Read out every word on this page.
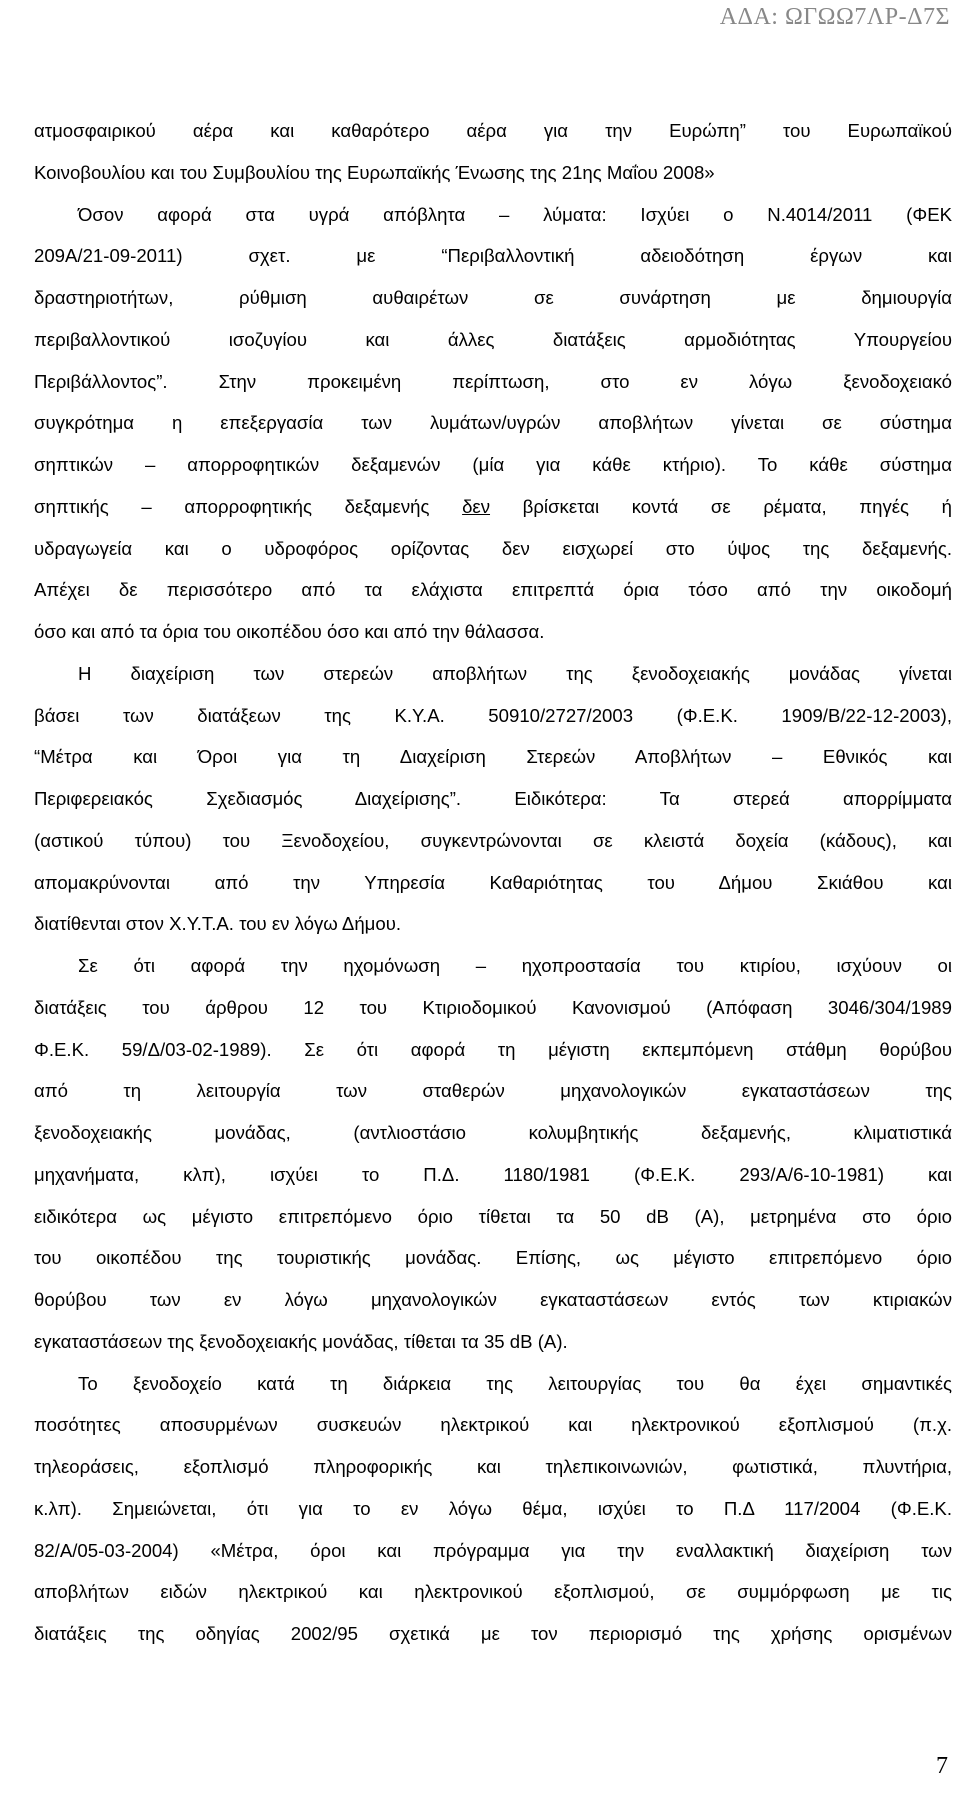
ΑΔΑ: ΩΓΩΩ7ΛΡ-Δ7Σ
ατμοσφαιρικού αέρα και καθαρότερο αέρα για την Ευρώπη” του Ευρωπαϊκού
Κοινοβουλίου και του Συμβουλίου της Ευρωπαϊκής Ένωσης της 21ης Μαΐου 2008»
Όσον αφορά στα υγρά απόβλητα – λύματα: Ισχύει ο Ν.4014/2011 (ΦΕΚ
209Α/21-09-2011) σχετ. με “Περιβαλλοντική αδειοδότηση έργων και
δραστηριοτήτων, ρύθμιση αυθαιρέτων σε συνάρτηση με δημιουργία
περιβαλλοντικού ισοζυγίου και άλλες διατάξεις αρμοδιότητας Υπουργείου
Περιβάλλοντος”. Στην προκειμένη περίπτωση, στο εν λόγω ξενοδοχειακό
συγκρότημα η επεξεργασία των λυμάτων/υγρών αποβλήτων γίνεται σε σύστημα
σηπτικών – απορροφητικών δεξαμενών (μία για κάθε κτήριο). Το κάθε σύστημα
σηπτικής – απορροφητικής δεξαμενής δεν βρίσκεται κοντά σε ρέματα, πηγές ή
υδραγωγεία και ο υδροφόρος ορίζοντας δεν εισχωρεί στο ύψος της δεξαμενής.
Απέχει δε περισσότερο από τα ελάχιστα επιτρεπτά όρια τόσο από την οικοδομή
όσο και από τα όρια του οικοπέδου όσο και από την θάλασσα.
Η διαχείριση των στερεών αποβλήτων της ξενοδοχειακής μονάδας γίνεται
βάσει των διατάξεων της Κ.Υ.Α. 50910/2727/2003 (Φ.Ε.Κ. 1909/Β/22-12-2003),
“Μέτρα και Όροι για τη Διαχείριση Στερεών Αποβλήτων – Εθνικός και
Περιφερειακός Σχεδιασμός Διαχείρισης”. Ειδικότερα: Τα στερεά απορρίμματα
(αστικού τύπου) του Ξενοδοχείου, συγκεντρώνονται σε κλειστά δοχεία (κάδους), και
απομακρύνονται από την Υπηρεσία Καθαριότητας του Δήμου Σκιάθου και
διατίθενται στον Χ.Υ.Τ.Α. του εν λόγω Δήμου.
Σε ότι αφορά την ηχομόνωση – ηχοπροστασία του κτιρίου, ισχύουν οι
διατάξεις του άρθρου 12 του Κτιριοδομικού Κανονισμού (Απόφαση 3046/304/1989
Φ.Ε.Κ. 59/Δ/03-02-1989). Σε ότι αφορά τη μέγιστη εκπεμπόμενη στάθμη θορύβου
από τη λειτουργία των σταθερών μηχανολογικών εγκαταστάσεων της
ξενοδοχειακής μονάδας, (αντλιοστάσιο κολυμβητικής δεξαμενής, κλιματιστικά
μηχανήματα, κλπ), ισχύει το Π.Δ. 1180/1981 (Φ.Ε.Κ. 293/Α/6-10-1981) και
ειδικότερα ως μέγιστο επιτρεπόμενο όριο τίθεται τα 50 dB (A), μετρημένα στο όριο
του οικοπέδου της τουριστικής μονάδας. Επίσης, ως μέγιστο επιτρεπόμενο όριο
θορύβου των εν λόγω μηχανολογικών εγκαταστάσεων εντός των κτιριακών
εγκαταστάσεων της ξενοδοχειακής μονάδας, τίθεται τα 35 dB (A).
Το ξενοδοχείο κατά τη διάρκεια της λειτουργίας του θα έχει σημαντικές
ποσότητες αποσυρμένων συσκευών ηλεκτρικού και ηλεκτρονικού εξοπλισμού (π.χ.
τηλεοράσεις, εξοπλισμό πληροφορικής και τηλεπικοινωνιών, φωτιστικά, πλυντήρια,
κ.λπ). Σημειώνεται, ότι για το εν λόγω θέμα, ισχύει το Π.Δ 117/2004 (Φ.Ε.Κ.
82/Α/05-03-2004) «Μέτρα, όροι και πρόγραμμα για την εναλλακτική διαχείριση των
αποβλήτων ειδών ηλεκτρικού και ηλεκτρονικού εξοπλισμού, σε συμμόρφωση με τις
διατάξεις της οδηγίας 2002/95 σχετικά με τον περιορισμό της χρήσης ορισμένων
7
